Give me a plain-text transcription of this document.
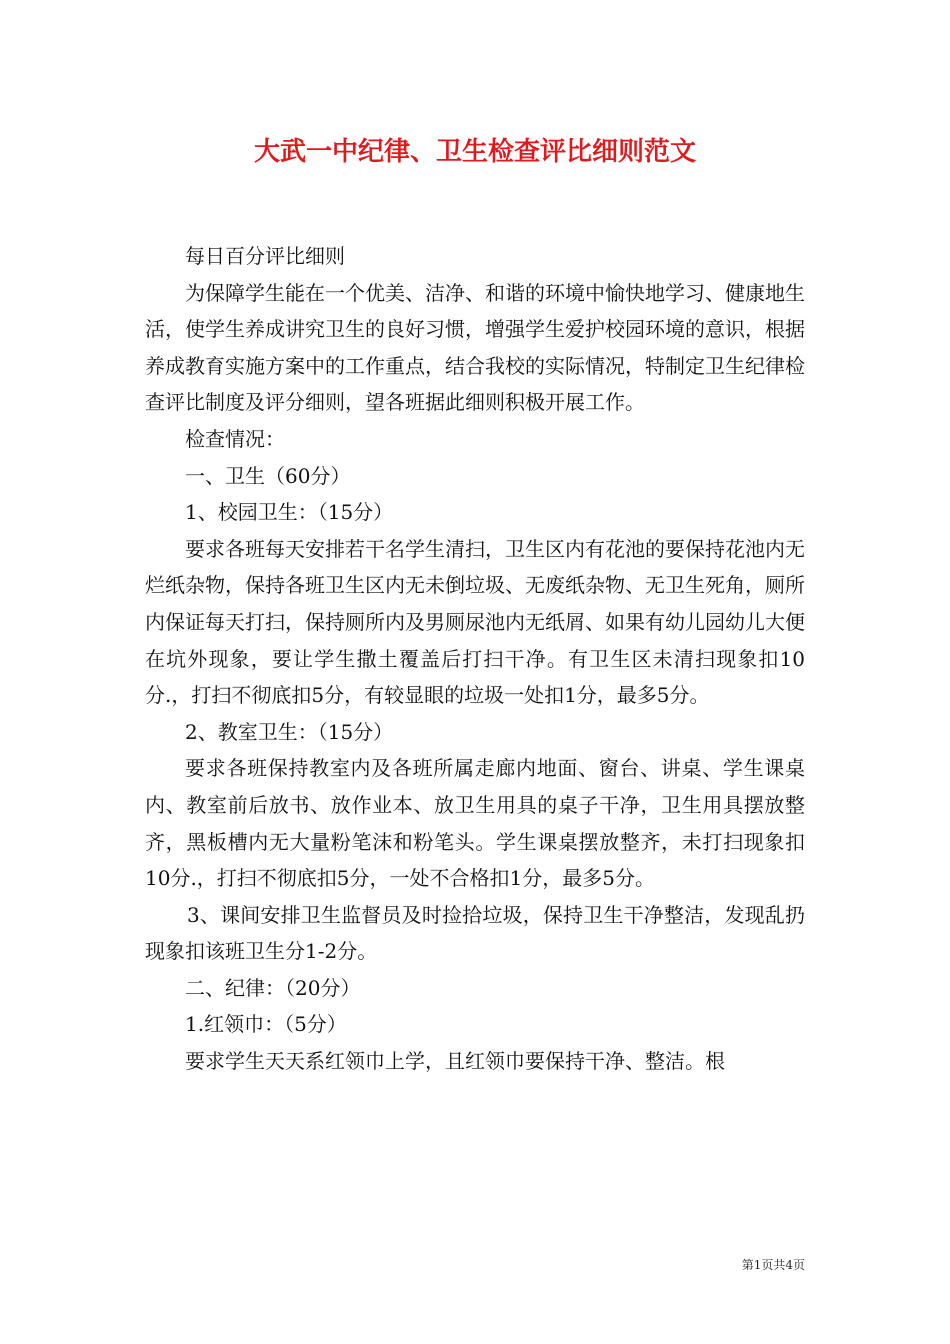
大武一中纪律、卫生检查评比细则范文

每日百分评比细则

为保障学生能在一个优美、洁净、和谐的环境中愉快地学习、健康地生活，使学生养成讲究卫生的良好习惯，增强学生爱护校园环境的意识，根据养成教育实施方案中的工作重点，结合我校的实际情况，特制定卫生纪律检查评比制度及评分细则，望各班据此细则积极开展工作。

检查情况：

一、卫生（60分）

1、校园卫生：（15分）

要求各班每天安排若干名学生清扫，卫生区内有花池的要保持花池内无烂纸杂物，保持各班卫生区内无未倒垃圾、无废纸杂物、无卫生死角，厕所内保证每天打扫，保持厕所内及男厕尿池内无纸屑、如果有幼儿园幼儿大便在坑外现象，要让学生撒土覆盖后打扫干净。有卫生区未清扫现象扣10分.，打扫不彻底扣5分，有较显眼的垃圾一处扣1分，最多5分。

2、教室卫生：（15分）

要求各班保持教室内及各班所属走廊内地面、窗台、讲桌、学生课桌内、教室前后放书、放作业本、放卫生用具的桌子干净，卫生用具摆放整齐，黑板槽内无大量粉笔沫和粉笔头。学生课桌摆放整齐，未打扫现象扣10分.，打扫不彻底扣5分，一处不合格扣1分，最多5分。

3、课间安排卫生监督员及时捡拾垃圾，保持卫生干净整洁，发现乱扔现象扣该班卫生分1-2分。

二、纪律：（20分）

1.红领巾：（5分）

要求学生天天系红领巾上学，且红领巾要保持干净、整洁。根

第1页共4页
